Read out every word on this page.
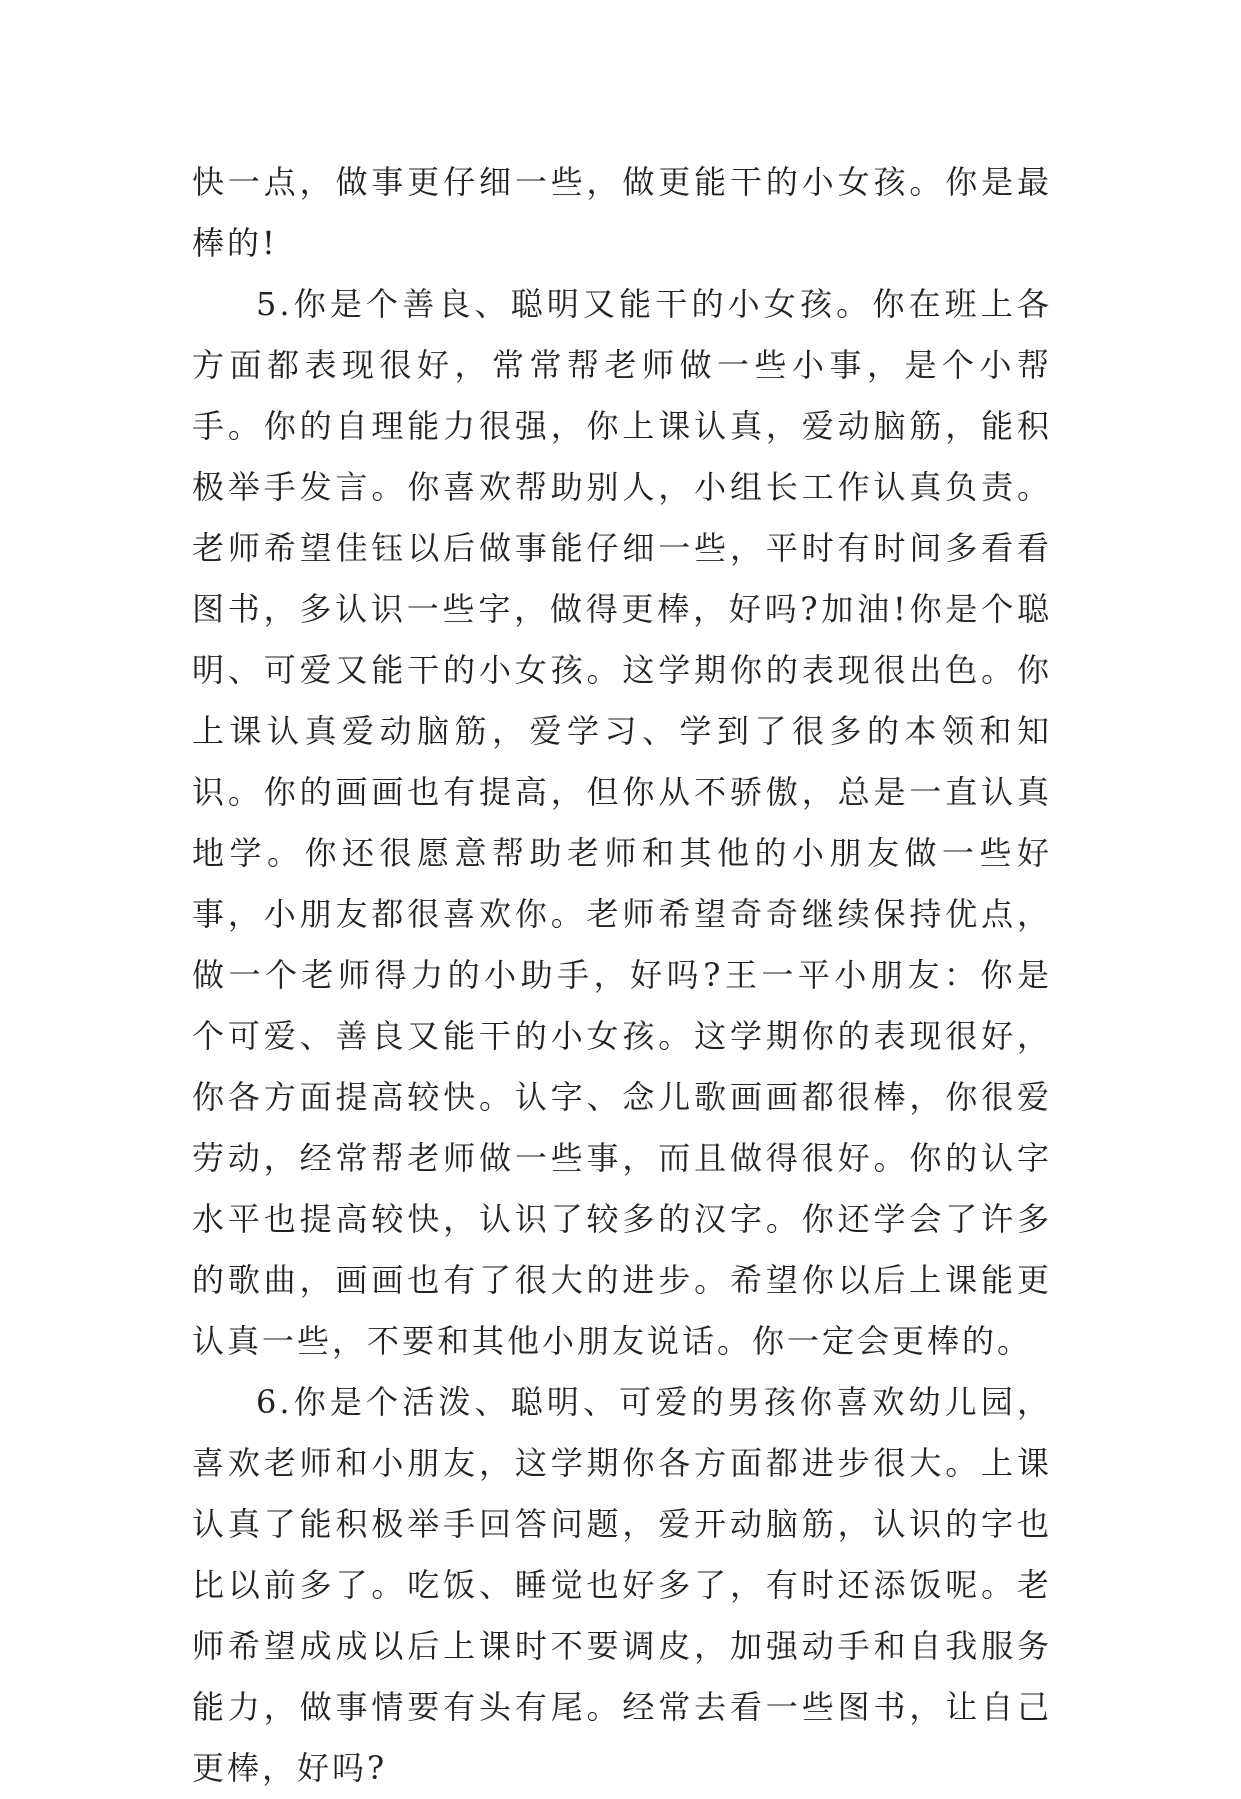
快一点，做事更仔细一些，做更能干的小女孩。你是最棒的!

5.你是个善良、聪明又能干的小女孩。你在班上各方面都表现很好，常常帮老师做一些小事，是个小帮手。你的自理能力很强，你上课认真，爱动脑筋，能积极举手发言。你喜欢帮助别人，小组长工作认真负责。老师希望佳钰以后做事能仔细一些，平时有时间多看看图书，多认识一些字，做得更棒，好吗?加油!你是个聪明、可爱又能干的小女孩。这学期你的表现很出色。你上课认真爱动脑筋，爱学习、学到了很多的本领和知识。你的画画也有提高，但你从不骄傲，总是一直认真地学。你还很愿意帮助老师和其他的小朋友做一些好事，小朋友都很喜欢你。老师希望奇奇继续保持优点，做一个老师得力的小助手，好吗?王一平小朋友：你是个可爱、善良又能干的小女孩。这学期你的表现很好，你各方面提高较快。认字、念儿歌画画都很棒，你很爱劳动，经常帮老师做一些事，而且做得很好。你的认字水平也提高较快，认识了较多的汉字。你还学会了许多的歌曲，画画也有了很大的进步。希望你以后上课能更认真一些，不要和其他小朋友说话。你一定会更棒的。

6.你是个活泼、聪明、可爱的男孩你喜欢幼儿园，喜欢老师和小朋友，这学期你各方面都进步很大。上课认真了能积极举手回答问题，爱开动脑筋，认识的字也比以前多了。吃饭、睡觉也好多了，有时还添饭呢。老师希望成成以后上课时不要调皮，加强动手和自我服务能力，做事情要有头有尾。经常去看一些图书，让自己更棒，好吗?
